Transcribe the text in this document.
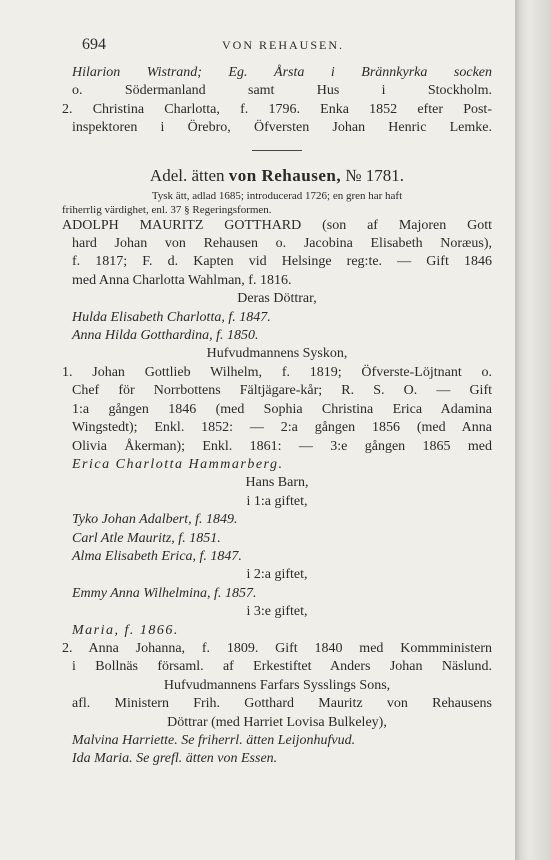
694	VON REHAUSEN.
Hilarion Wistrand; Eg. Årsta i Brännkyrka socken
o. Södermanland samt Hus i Stockholm.
2. Christina Charlotta, f. 1796. Enka 1852 efter Post-
inspektoren i Örebro, Öfversten Johan Henric Lemke.
Adel. ätten von Rehausen, № 1781.
Tysk ätt, adlad 1685; introducerad 1726; en gren har haft
friherrlig värdighet, enl. 37 § Regeringsformen.
ADOLPH MAURITZ GOTTHARD (son af Majoren Gott
hard Johan von Rehausen o. Jacobina Elisabeth Noræus),
f. 1817; F. d. Kapten vid Helsinge reg:te. — Gift 1846
med Anna Charlotta Wahlman, f. 1816.
Deras Döttrar,
Hulda Elisabeth Charlotta, f. 1847.
Anna Hilda Gotthardina, f. 1850.
Hufvudmannens Syskon,
1. Johan Gottlieb Wilhelm, f. 1819; Öfverste-Löjtnant o.
Chef för Norrbottens Fältjägare-kår; R. S. O. — Gift
1:a gången 1846 (med Sophia Christina Erica Adamina
Wingstedt); Enkl. 1852: — 2:a gången 1856 (med Anna
Olivia Åkerman); Enkl. 1861: — 3:e gången 1865 med
Erica Charlotta Hammarberg.
Hans Barn,
i 1:a giftet,
Tyko Johan Adalbert, f. 1849.
Carl Atle Mauritz, f. 1851.
Alma Elisabeth Erica, f. 1847.
i 2:a giftet,
Emmy Anna Wilhelmina, f. 1857.
i 3:e giftet,
Maria, f. 1866.
2. Anna Johanna, f. 1809. Gift 1840 med Kommministern
i Bollnäs församl. af Erkestiftet Anders Johan Näslund.
Hufvudmannens Farfars Sysslings Sons,
afl. Ministern Frih. Gotthard Mauritz von Rehausens
Döttrar (med Harriet Lovisa Bulkeley),
Malvina Harriette. Se friherrl. ätten Leijonhufvud.
Ida Maria. Se grefl. ätten von Essen.
